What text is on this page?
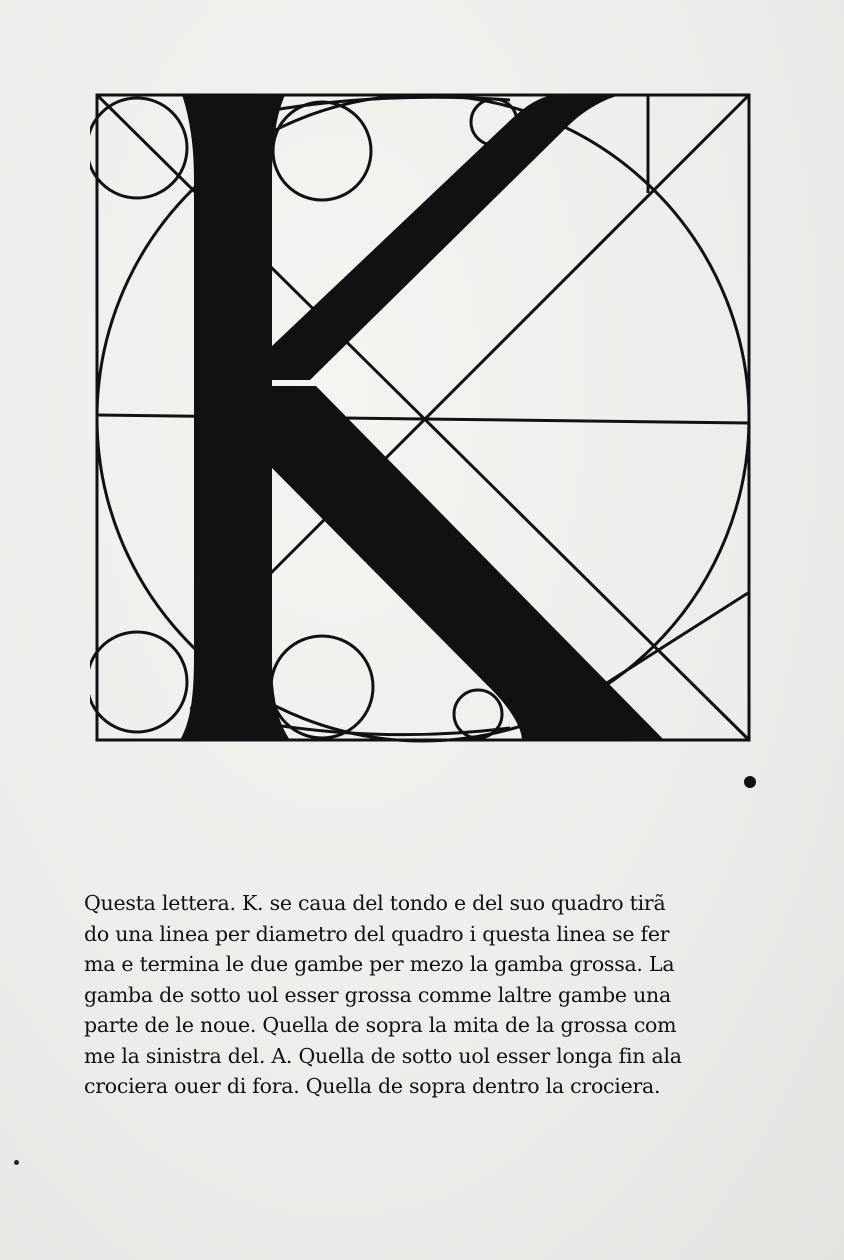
Questa lettera. K. se caua del tondo e del suo quadro tirã
do una linea per diametro del quadro i questa linea se fer
ma e termina le due gambe per mezo la gamba grossa. La
gamba de sotto uol esser grossa comme laltre gambe una
parte de le noue. Quella de sopra la mita de la grossa com
me la sinistra del. A. Quella de sotto uol esser longa fin ala
crociera ouer di fora. Quella de sopra dentro la crociera.
